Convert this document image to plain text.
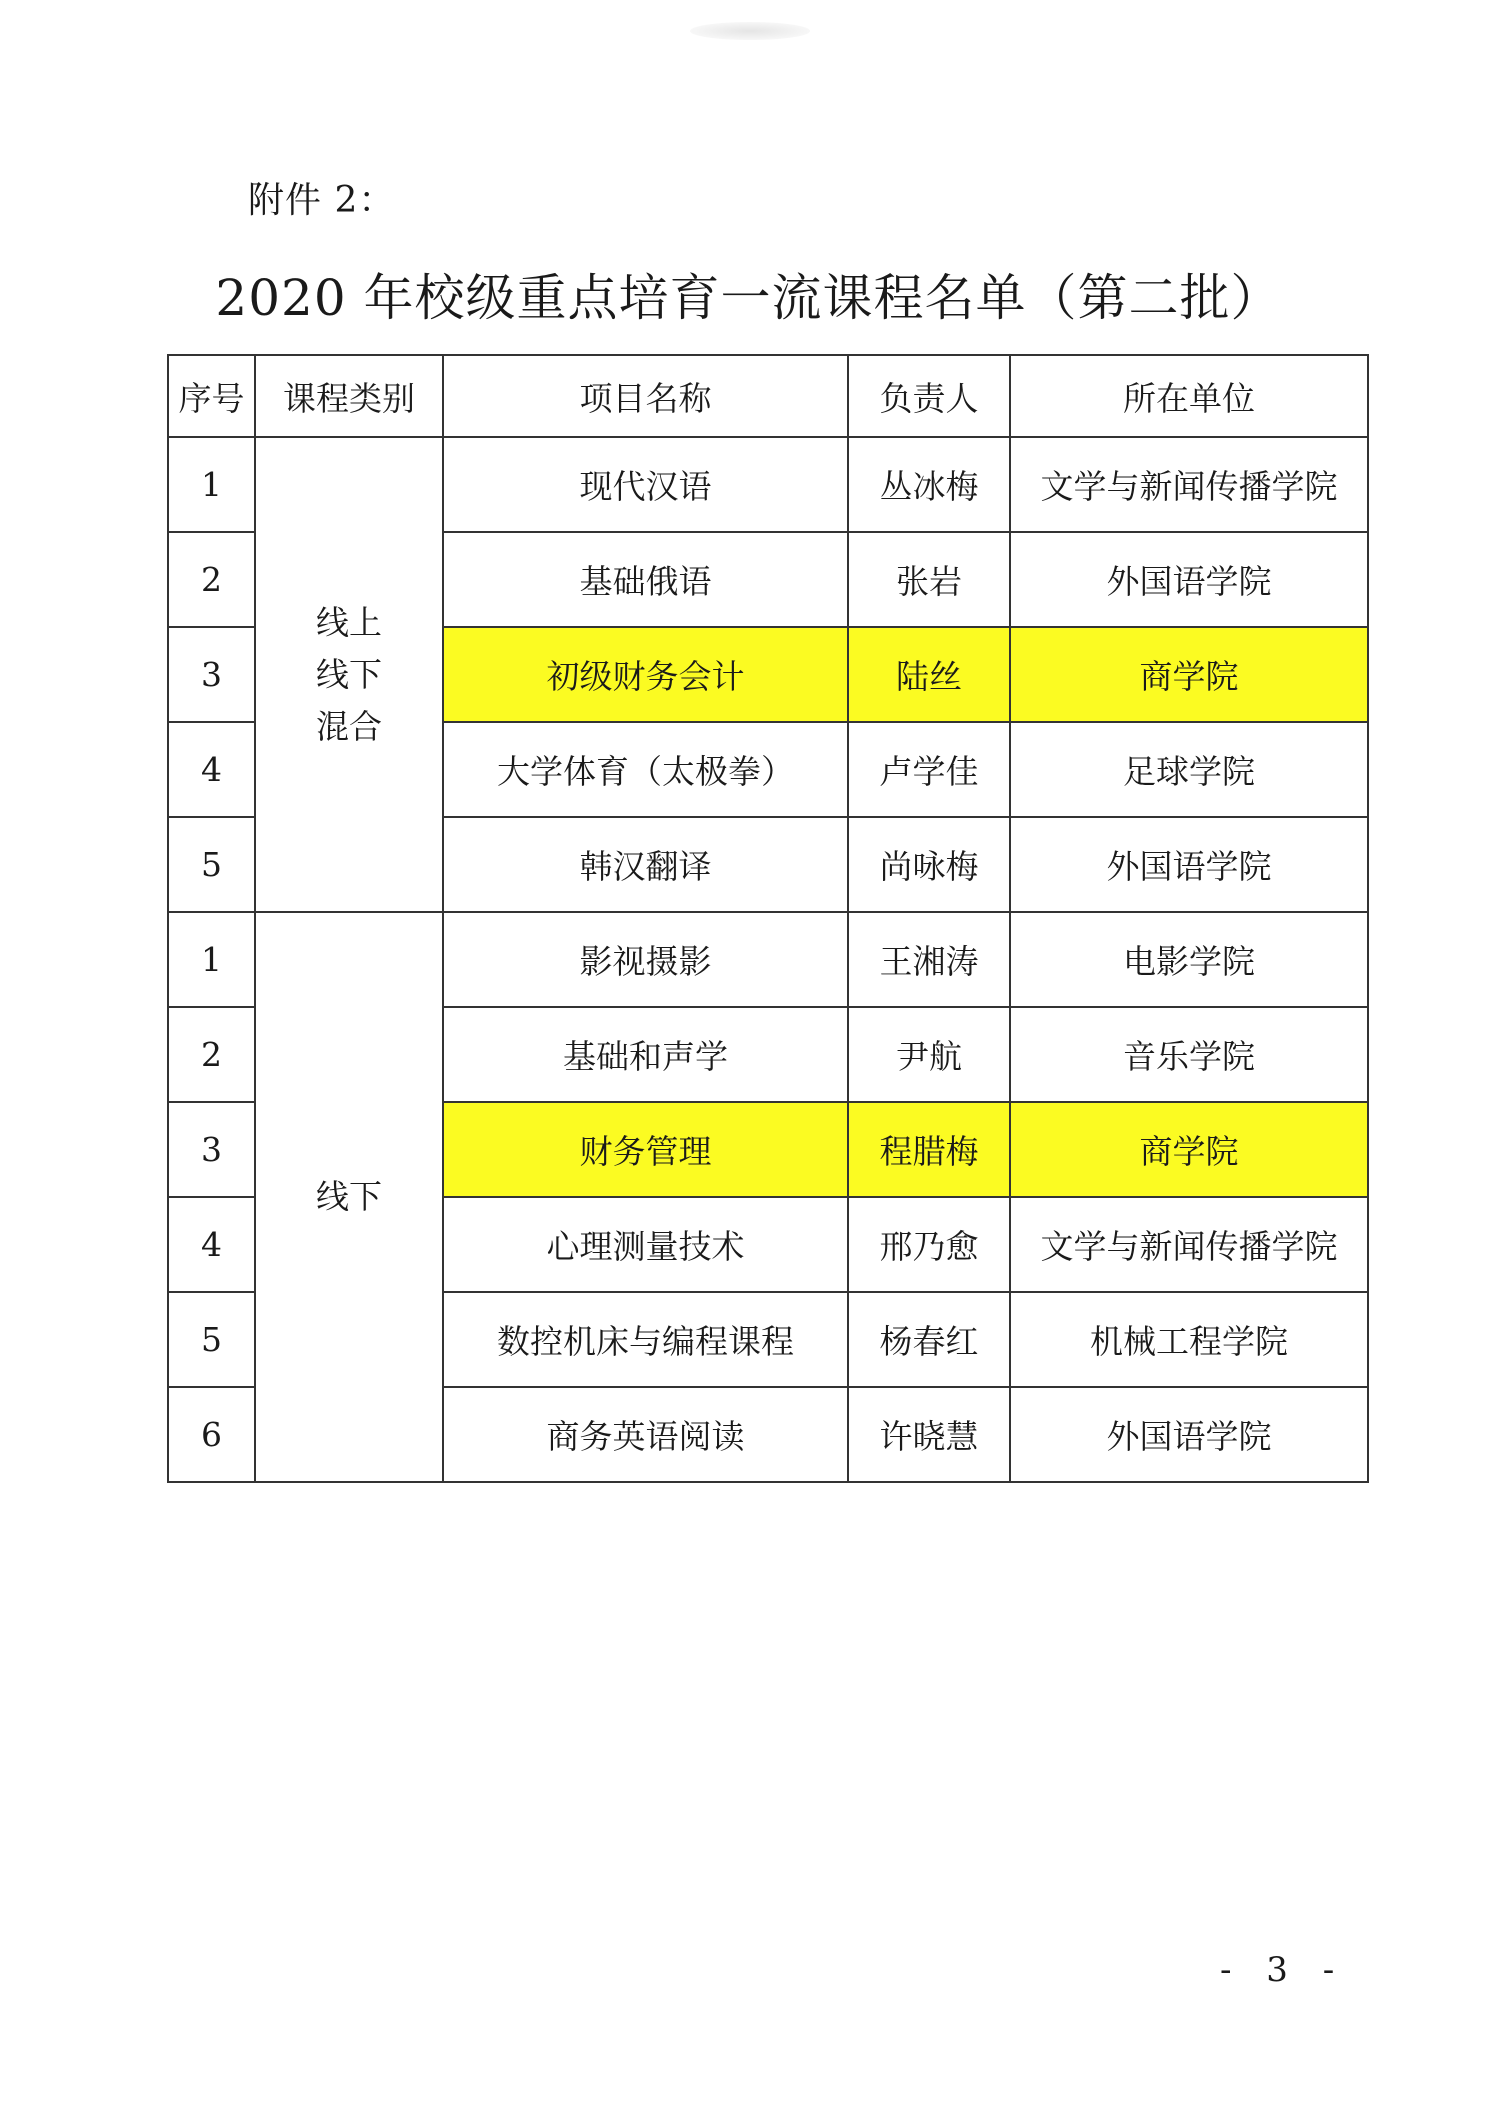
附件 2：
2020 年校级重点培育一流课程名单（第二批）
序号	课程类别	项目名称	负责人	所在单位
1	线上
线下
混合	现代汉语	丛冰梅	文学与新闻传播学院
2		基础俄语	张岩	外国语学院
3		初级财务会计	陆丝	商学院
4		大学体育（太极拳）	卢学佳	足球学院
5		韩汉翻译	尚咏梅	外国语学院
1	线下	影视摄影	王湘涛	电影学院
2		基础和声学	尹航	音乐学院
3		财务管理	程腊梅	商学院
4		心理测量技术	邢乃愈	文学与新闻传播学院
5		数控机床与编程课程	杨春红	机械工程学院
6		商务英语阅读	许晓慧	外国语学院
- 3 -
